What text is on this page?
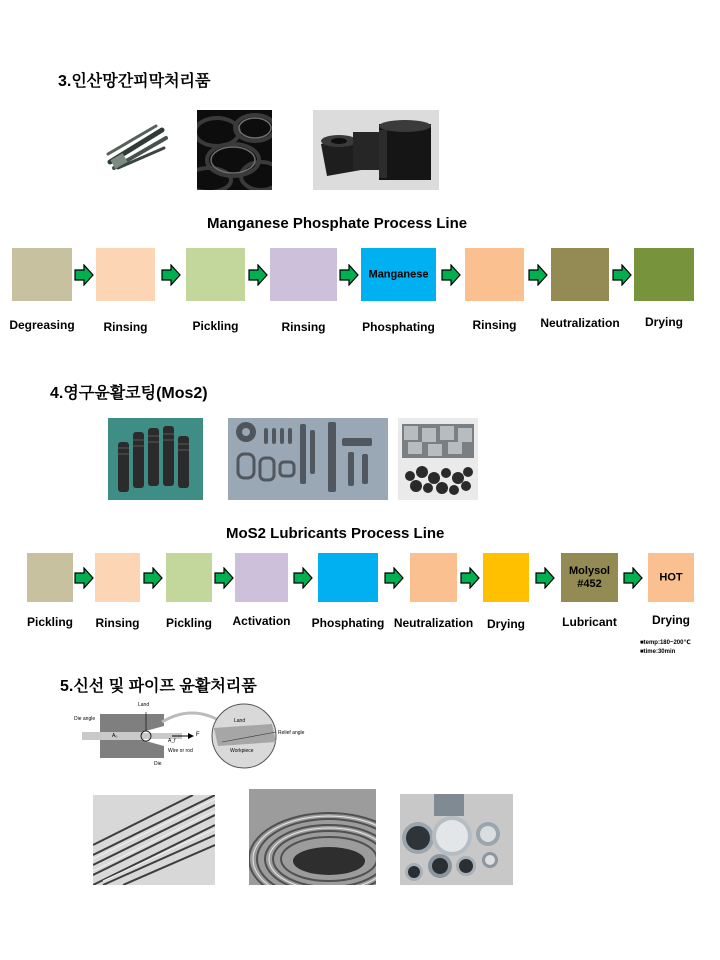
3.인산망간피막처리품
Manganese Phosphate Process Line
Degreasing Rinsing	Pickling	Rinsing
Manganese
Phosphating	Rinsing Neutralization Drying
4.영구윤활코팅(Mos2)
MoS2 Lubricants Process Line
Pickling Rinsing Pickling Activation Phosphating Neutralization Drying
Molysol #452
Lubricant
HOT
Drying
■temp:180~200℃
■time:30min
5.신선 및 파이프 윤활처리품
Land
Die angle
A₀
A_f
F
Wire or rod
Die
Land
Relief angle
Workpiece
